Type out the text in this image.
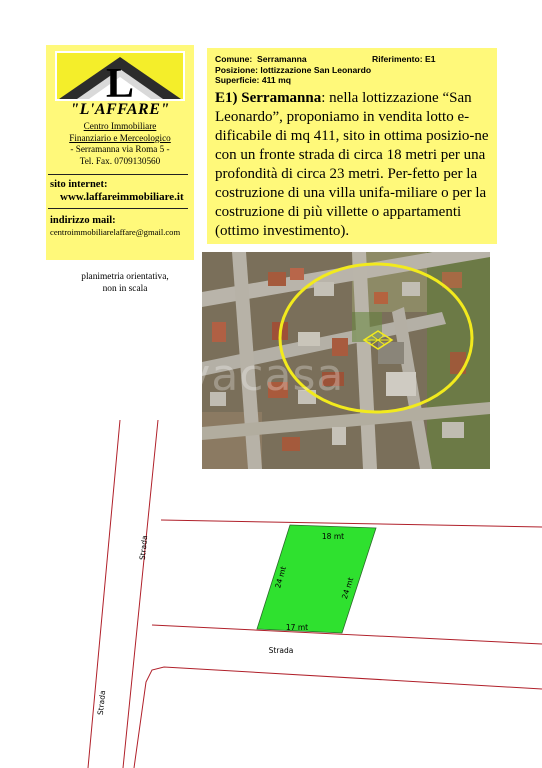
L
"L'AFFARE"
Centro Immobiliare
Finanziario e Merceologico
- Serramanna via Roma 5 -
Tel. Fax. 0709130560
sito internet:
www.laffareimmobiliare.it
indirizzo mail:
centroimmobiliarelaffare@gmail.com
Comune: Serramanna	Riferimento: E1
Posizione: lottizzazione San Leonardo
Superficie: 411 mq
E1) Serramanna: nella lottizzazione “San Leonardo”, proponiamo in vendita lotto e-dificabile di mq 411, sito in ottima posizio-ne con un fronte strada di circa 18 metri per una profondità di circa 23 metri. Per-fetto per la costruzione di una villa unifa-miliare o per la costruzione di più villette o appartamenti (ottimo investimento).
planimetria orientativa,
non in scala
trovacasa
18 mt
17 mt
24 mt	24 mt
Strada
Strada
Strada
